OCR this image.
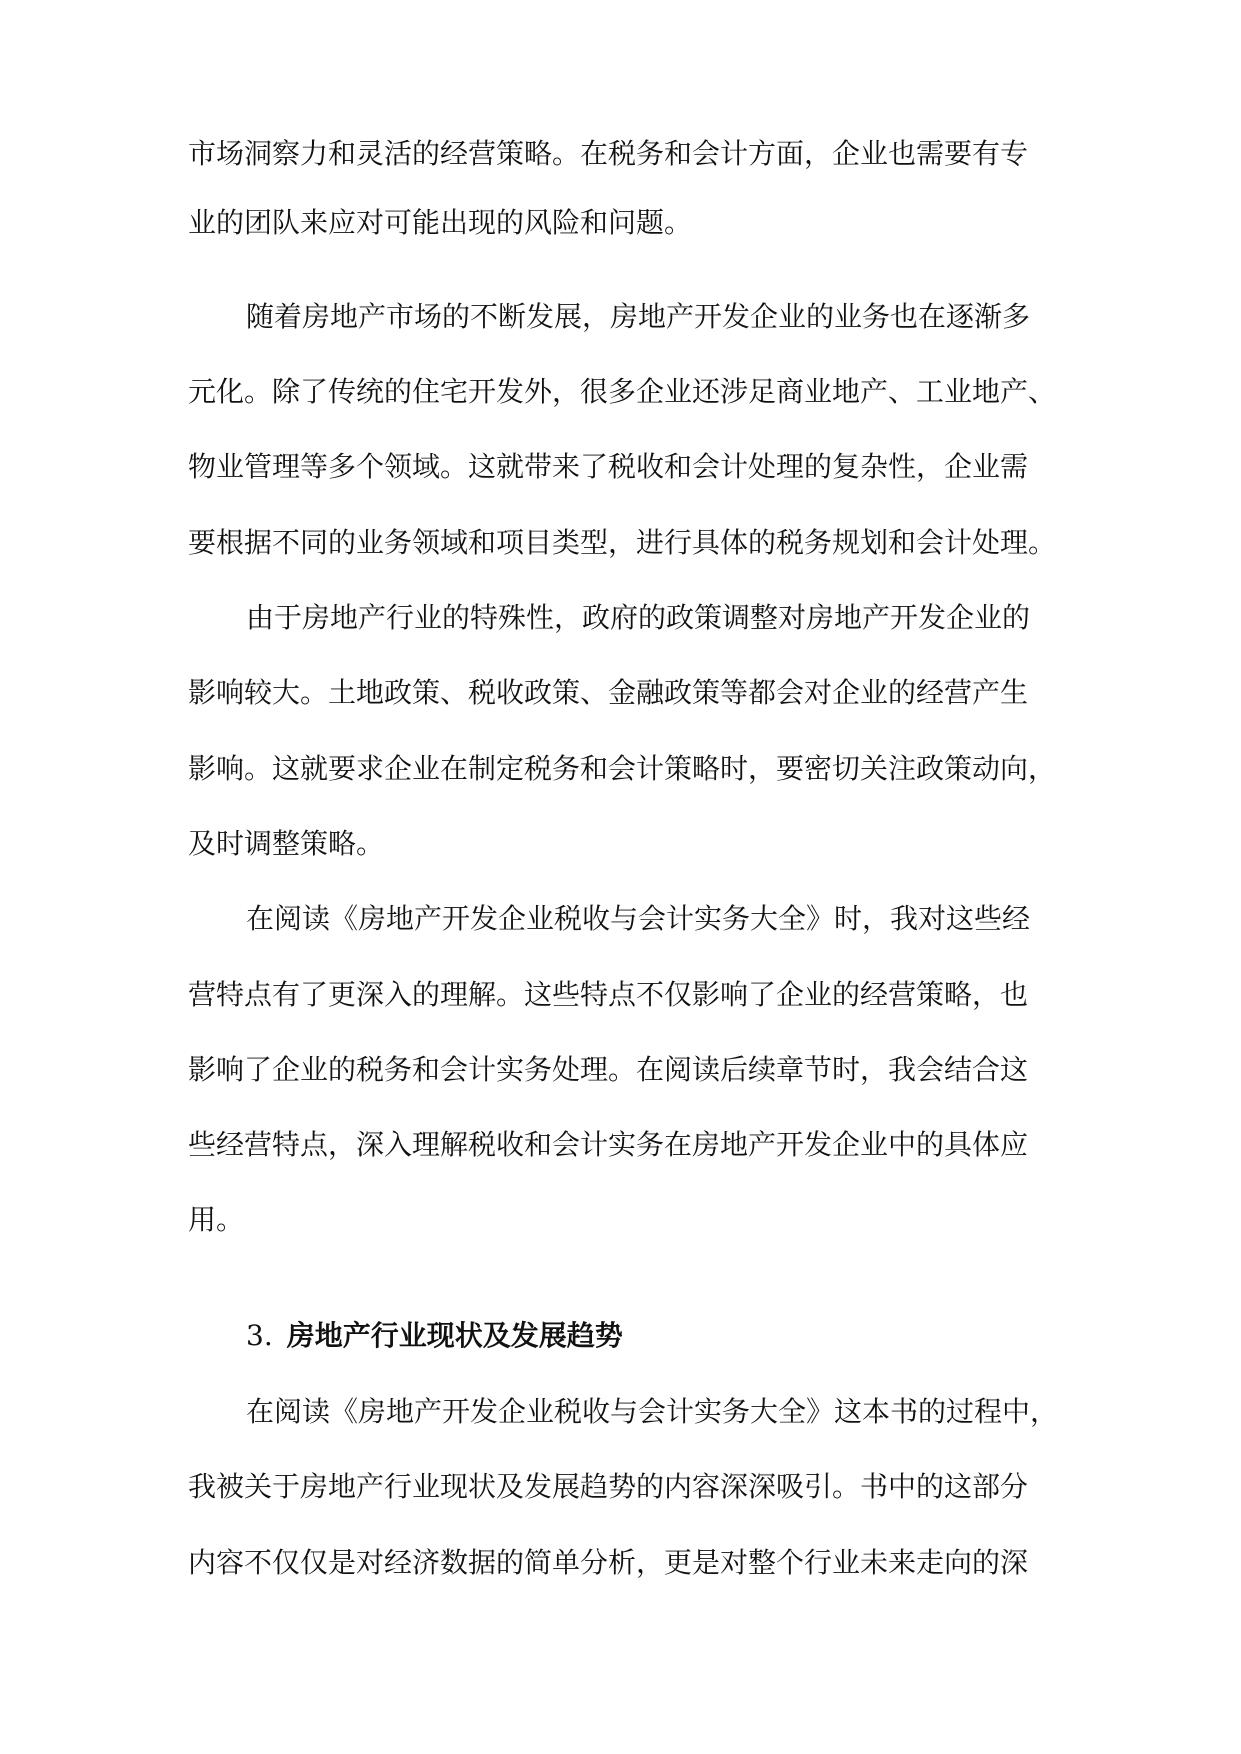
市场洞察力和灵活的经营策略。在税务和会计方面，企业也需要有专
业的团队来应对可能出现的风险和问题。
随着房地产市场的不断发展，房地产开发企业的业务也在逐渐多
元化。除了传统的住宅开发外，很多企业还涉足商业地产、工业地产、
物业管理等多个领域。这就带来了税收和会计处理的复杂性，企业需
要根据不同的业务领域和项目类型，进行具体的税务规划和会计处理。
由于房地产行业的特殊性，政府的政策调整对房地产开发企业的
影响较大。土地政策、税收政策、金融政策等都会对企业的经营产生
影响。这就要求企业在制定税务和会计策略时，要密切关注政策动向，
及时调整策略。
在阅读《房地产开发企业税收与会计实务大全》时，我对这些经
营特点有了更深入的理解。这些特点不仅影响了企业的经营策略，也
影响了企业的税务和会计实务处理。在阅读后续章节时，我会结合这
些经营特点，深入理解税收和会计实务在房地产开发企业中的具体应
用。
3. 房地产行业现状及发展趋势
在阅读《房地产开发企业税收与会计实务大全》这本书的过程中，
我被关于房地产行业现状及发展趋势的内容深深吸引。书中的这部分
内容不仅仅是对经济数据的简单分析，更是对整个行业未来走向的深
